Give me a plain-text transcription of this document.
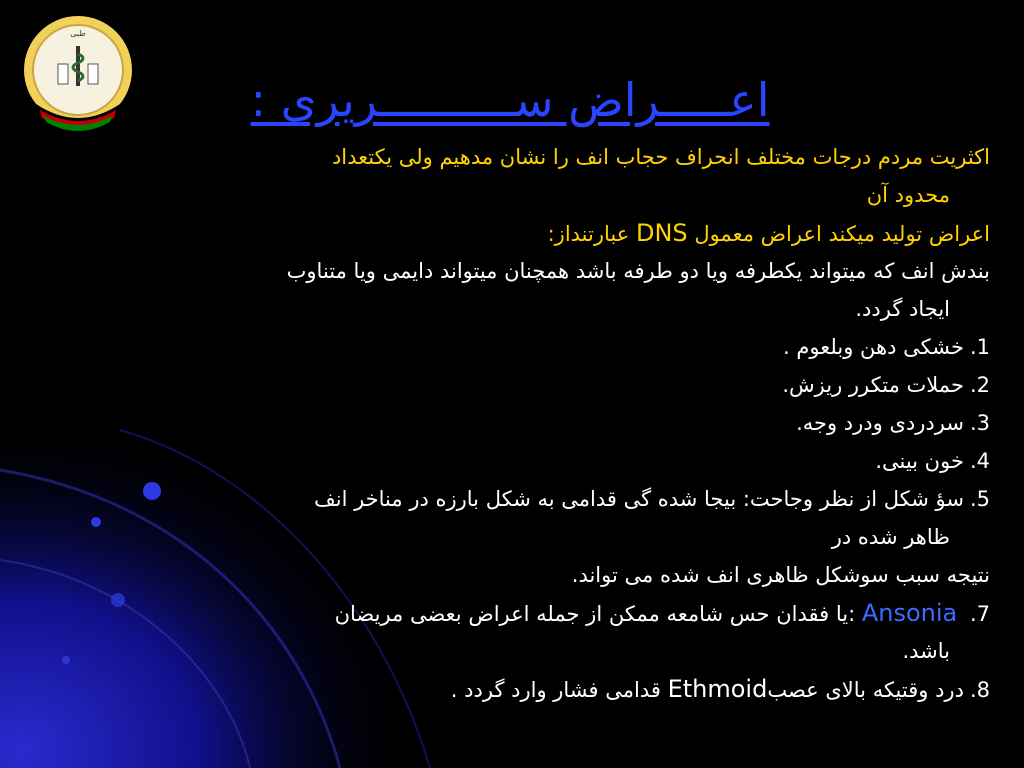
طبی
اعـــــراض ســــــــــریری :
اکثریت مردم درجات مختلف انحراف حجاب انف را نشان مدهیم ولی یکتعداد
محدود آن
اعراض تولید میکند اعراض معمول DNS عبارتنداز:
بندش انف که میتواند یکطرفه ویا دو طرفه باشد همچنان میتواند دایمی ویا متناوب
ایجاد گردد.
1.خشکی دهن وبلعوم .
2.حملات متکرر ریزش.
3.سردردی ودرد وجه.
4.خون بینی.
5.سؤ شکل از نظر وجاحت: بیجا شده گی قدامی به شکل بارزه در مناخر انف
ظاهر شده در
نتیجه سبب سوشکل ظاهری انف شده می تواند.
7. Ansonia :یا فقدان حس شامعه ممکن از جمله اعراض بعضی مریضان
باشد.
8.درد وقتیکه بالای عصبEthmoid قدامی فشار وارد گردد .
